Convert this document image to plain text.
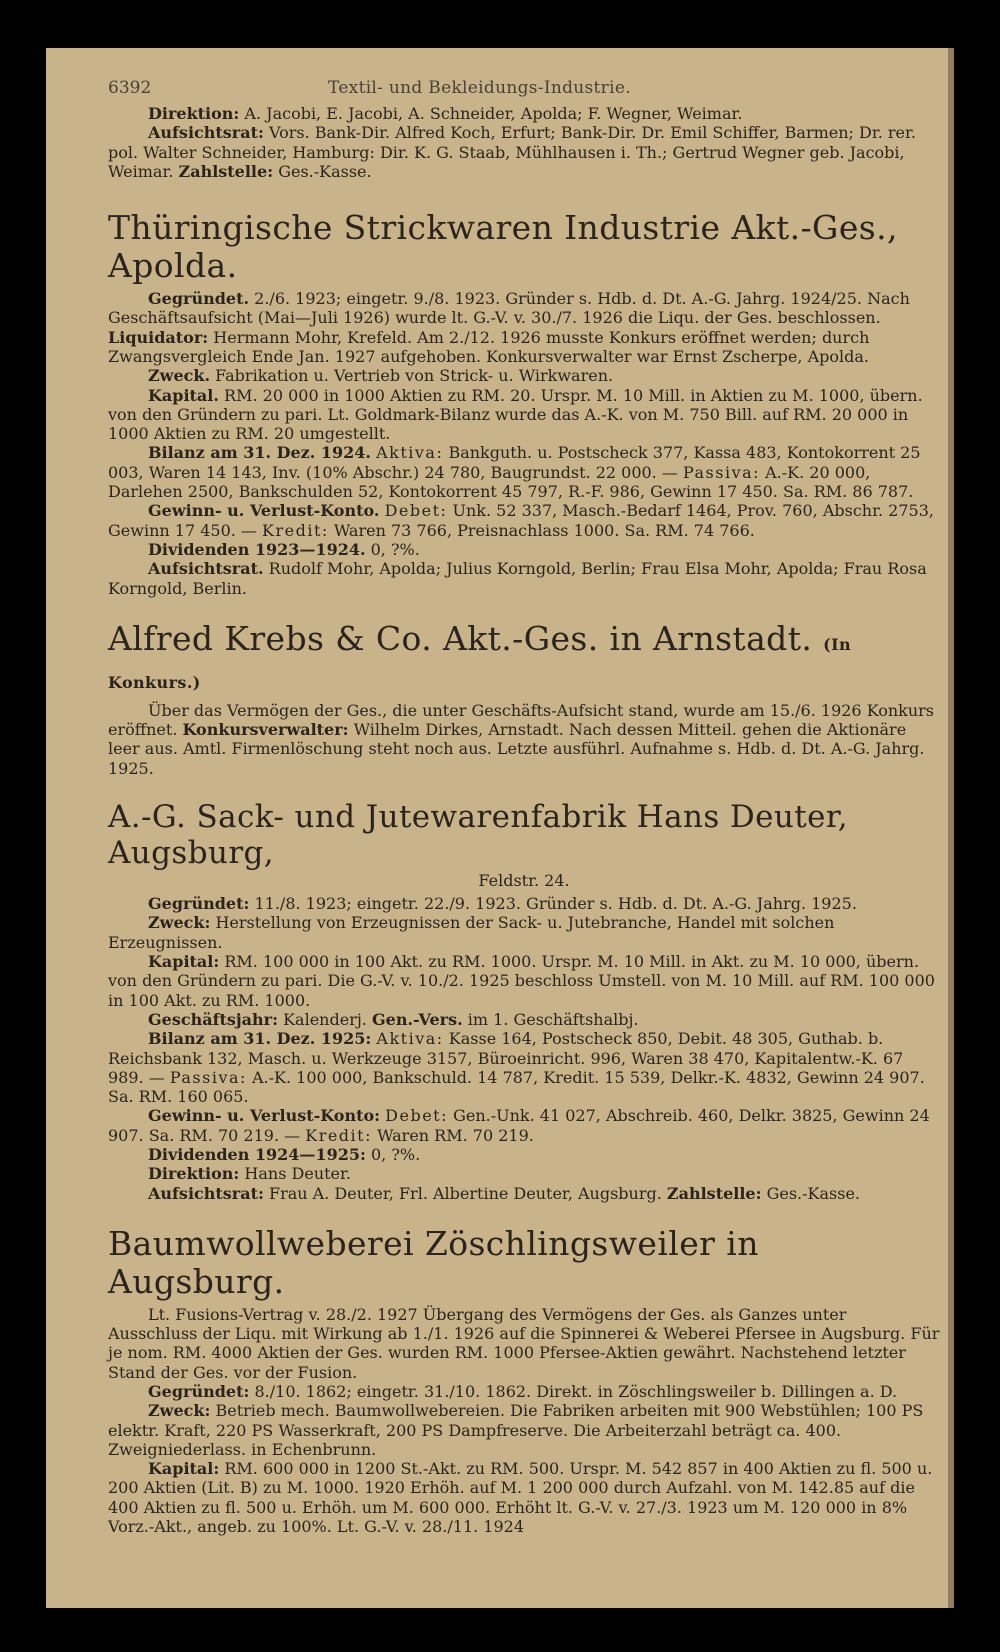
6392	Textil- und Bekleidungs-Industrie.

Direktion: A. Jacobi, E. Jacobi, A. Schneider, Apolda; F. Wegner, Weimar.

Aufsichtsrat: Vors. Bank-Dir. Alfred Koch, Erfurt; Bank-Dir. Dr. Emil Schiffer, Barmen; Dr. rer. pol. Walter Schneider, Hamburg: Dir. K. G. Staab, Mühlhausen i. Th.; Gertrud Wegner geb. Jacobi, Weimar. Zahlstelle: Ges.-Kasse.

Thüringische Strickwaren Industrie Akt.-Ges., Apolda.

Gegründet. 2./6. 1923; eingetr. 9./8. 1923. Gründer s. Hdb. d. Dt. A.-G. Jahrg. 1924/25. Nach Geschäftsaufsicht (Mai—Juli 1926) wurde lt. G.-V. v. 30./7. 1926 die Liqu. der Ges. beschlossen. Liquidator: Hermann Mohr, Krefeld. Am 2./12. 1926 musste Konkurs eröffnet werden; durch Zwangsvergleich Ende Jan. 1927 aufgehoben. Konkursverwalter war Ernst Zscherpe, Apolda.

Zweck. Fabrikation u. Vertrieb von Strick- u. Wirkwaren.

Kapital. RM. 20 000 in 1000 Aktien zu RM. 20. Urspr. M. 10 Mill. in Aktien zu M. 1000, übern. von den Gründern zu pari. Lt. Goldmark-Bilanz wurde das A.-K. von M. 750 Bill. auf RM. 20 000 in 1000 Aktien zu RM. 20 umgestellt.

Bilanz am 31. Dez. 1924. Aktiva: Bankguth. u. Postscheck 377, Kassa 483, Kontokorrent 25 003, Waren 14 143, Inv. (10% Abschr.) 24 780, Baugrundst. 22 000. — Passiva: A.-K. 20 000, Darlehen 2500, Bankschulden 52, Kontokorrent 45 797, R.-F. 986, Gewinn 17 450. Sa. RM. 86 787.

Gewinn- u. Verlust-Konto. Debet: Unk. 52 337, Masch.-Bedarf 1464, Prov. 760, Abschr. 2753, Gewinn 17 450. — Kredit: Waren 73 766, Preisnachlass 1000. Sa. RM. 74 766.

Dividenden 1923—1924. 0, ?%.

Aufsichtsrat. Rudolf Mohr, Apolda; Julius Korngold, Berlin; Frau Elsa Mohr, Apolda; Frau Rosa Korngold, Berlin.

Alfred Krebs & Co. Akt.-Ges. in Arnstadt. (In Konkurs.)

Über das Vermögen der Ges., die unter Geschäfts-Aufsicht stand, wurde am 15./6. 1926 Konkurs eröffnet. Konkursverwalter: Wilhelm Dirkes, Arnstadt. Nach dessen Mitteil. gehen die Aktionäre leer aus. Amtl. Firmenlöschung steht noch aus. Letzte ausführl. Aufnahme s. Hdb. d. Dt. A.-G. Jahrg. 1925.

A.-G. Sack- und Jutewarenfabrik Hans Deuter, Augsburg,
Feldstr. 24.

Gegründet: 11./8. 1923; eingetr. 22./9. 1923. Gründer s. Hdb. d. Dt. A.-G. Jahrg. 1925.

Zweck: Herstellung von Erzeugnissen der Sack- u. Jutebranche, Handel mit solchen Erzeugnissen.

Kapital: RM. 100 000 in 100 Akt. zu RM. 1000. Urspr. M. 10 Mill. in Akt. zu M. 10 000, übern. von den Gründern zu pari. Die G.-V. v. 10./2. 1925 beschloss Umstell. von M. 10 Mill. auf RM. 100 000 in 100 Akt. zu RM. 1000.

Geschäftsjahr: Kalenderj. Gen.-Vers. im 1. Geschäftshalbj.

Bilanz am 31. Dez. 1925: Aktiva: Kasse 164, Postscheck 850, Debit. 48 305, Guthab. b. Reichsbank 132, Masch. u. Werkzeuge 3157, Büroeinricht. 996, Waren 38 470, Kapitalentw.-K. 67 989. — Passiva: A.-K. 100 000, Bankschuld. 14 787, Kredit. 15 539, Delkr.-K. 4832, Gewinn 24 907. Sa. RM. 160 065.

Gewinn- u. Verlust-Konto: Debet: Gen.-Unk. 41 027, Abschreib. 460, Delkr. 3825, Gewinn 24 907. Sa. RM. 70 219. — Kredit: Waren RM. 70 219.

Dividenden 1924—1925: 0, ?%.

Direktion: Hans Deuter.

Aufsichtsrat: Frau A. Deuter, Frl. Albertine Deuter, Augsburg. Zahlstelle: Ges.-Kasse.

Baumwollweberei Zöschlingsweiler in Augsburg.

Lt. Fusions-Vertrag v. 28./2. 1927 Übergang des Vermögens der Ges. als Ganzes unter Ausschluss der Liqu. mit Wirkung ab 1./1. 1926 auf die Spinnerei & Weberei Pfersee in Augsburg. Für je nom. RM. 4000 Aktien der Ges. wurden RM. 1000 Pfersee-Aktien gewährt. Nachstehend letzter Stand der Ges. vor der Fusion.

Gegründet: 8./10. 1862; eingetr. 31./10. 1862. Direkt. in Zöschlingsweiler b. Dillingen a. D.

Zweck: Betrieb mech. Baumwollwebereien. Die Fabriken arbeiten mit 900 Webstühlen; 100 PS elektr. Kraft, 220 PS Wasserkraft, 200 PS Dampfreserve. Die Arbeiterzahl beträgt ca. 400. Zweigniederlass. in Echenbrunn.

Kapital: RM. 600 000 in 1200 St.-Akt. zu RM. 500. Urspr. M. 542 857 in 400 Aktien zu fl. 500 u. 200 Aktien (Lit. B) zu M. 1000. 1920 Erhöh. auf M. 1 200 000 durch Aufzahl. von M. 142.85 auf die 400 Aktien zu fl. 500 u. Erhöh. um M. 600 000. Erhöht lt. G.-V. v. 27./3. 1923 um M. 120 000 in 8% Vorz.-Akt., angeb. zu 100%. Lt. G.-V. v. 28./11. 1924
